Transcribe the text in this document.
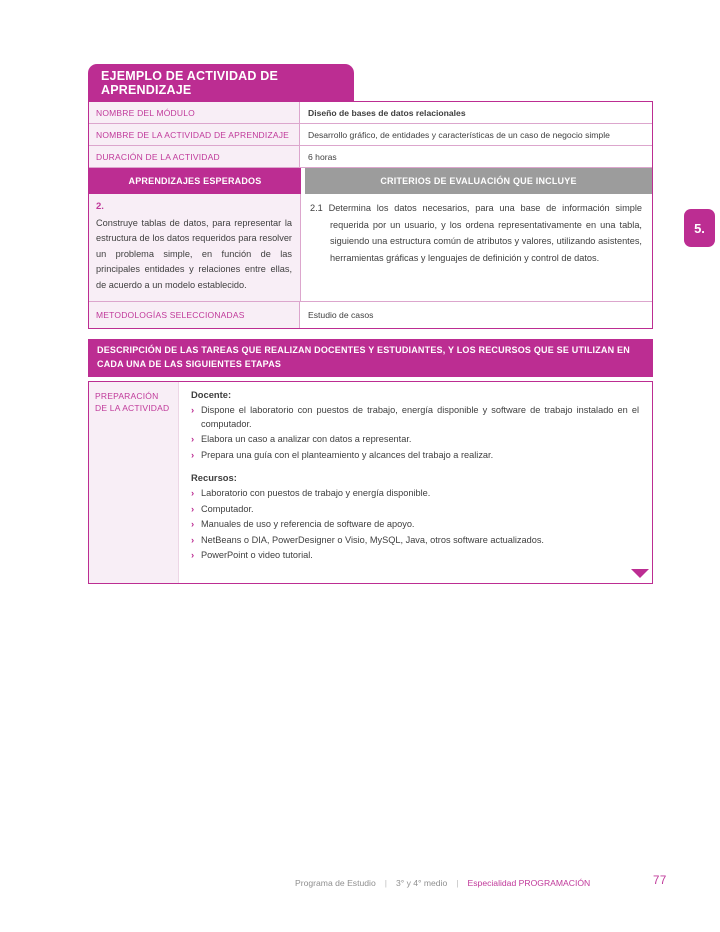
EJEMPLO DE ACTIVIDAD DE APRENDIZAJE
5.
NOMBRE DEL MÓDULO	Diseño de bases de datos relacionales
NOMBRE DE LA ACTIVIDAD DE APRENDIZAJE	Desarrollo gráfico, de entidades y características de un caso de negocio simple
DURACIÓN DE LA ACTIVIDAD	6 horas
APRENDIZAJES ESPERADOS	CRITERIOS DE EVALUACIÓN QUE INCLUYE
2.
Construye tablas de datos, para representar la estructura de los datos requeridos para resolver un problema simple, en función de las principales entidades y relaciones entre ellas, de acuerdo a un modelo establecido.
2.1 Determina los datos necesarios, para una base de información simple requerida por un usuario, y los ordena representativamente en una tabla, siguiendo una estructura común de atributos y valores, utilizando asistentes, herramientas gráficas y lenguajes de definición y control de datos.
METODOLOGÍAS SELECCIONADAS	Estudio de casos
DESCRIPCIÓN DE LAS TAREAS QUE REALIZAN DOCENTES Y ESTUDIANTES, Y LOS RECURSOS QUE SE UTILIZAN EN CADA UNA DE LAS SIGUIENTES ETAPAS
PREPARACIÓN DE LA ACTIVIDAD
Docente:
› Dispone el laboratorio con puestos de trabajo, energía disponible y software de trabajo instalado en el computador.
› Elabora un caso a analizar con datos a representar.
› Prepara una guía con el planteamiento y alcances del trabajo a realizar.
Recursos:
› Laboratorio con puestos de trabajo y energía disponible.
› Computador.
› Manuales de uso y referencia de software de apoyo.
› NetBeans o DIA, PowerDesigner o Visio, MySQL, Java, otros software actualizados.
› PowerPoint o video tutorial.
Programa de Estudio | 3° y 4° medio | Especialidad PROGRAMACIÓN	77
